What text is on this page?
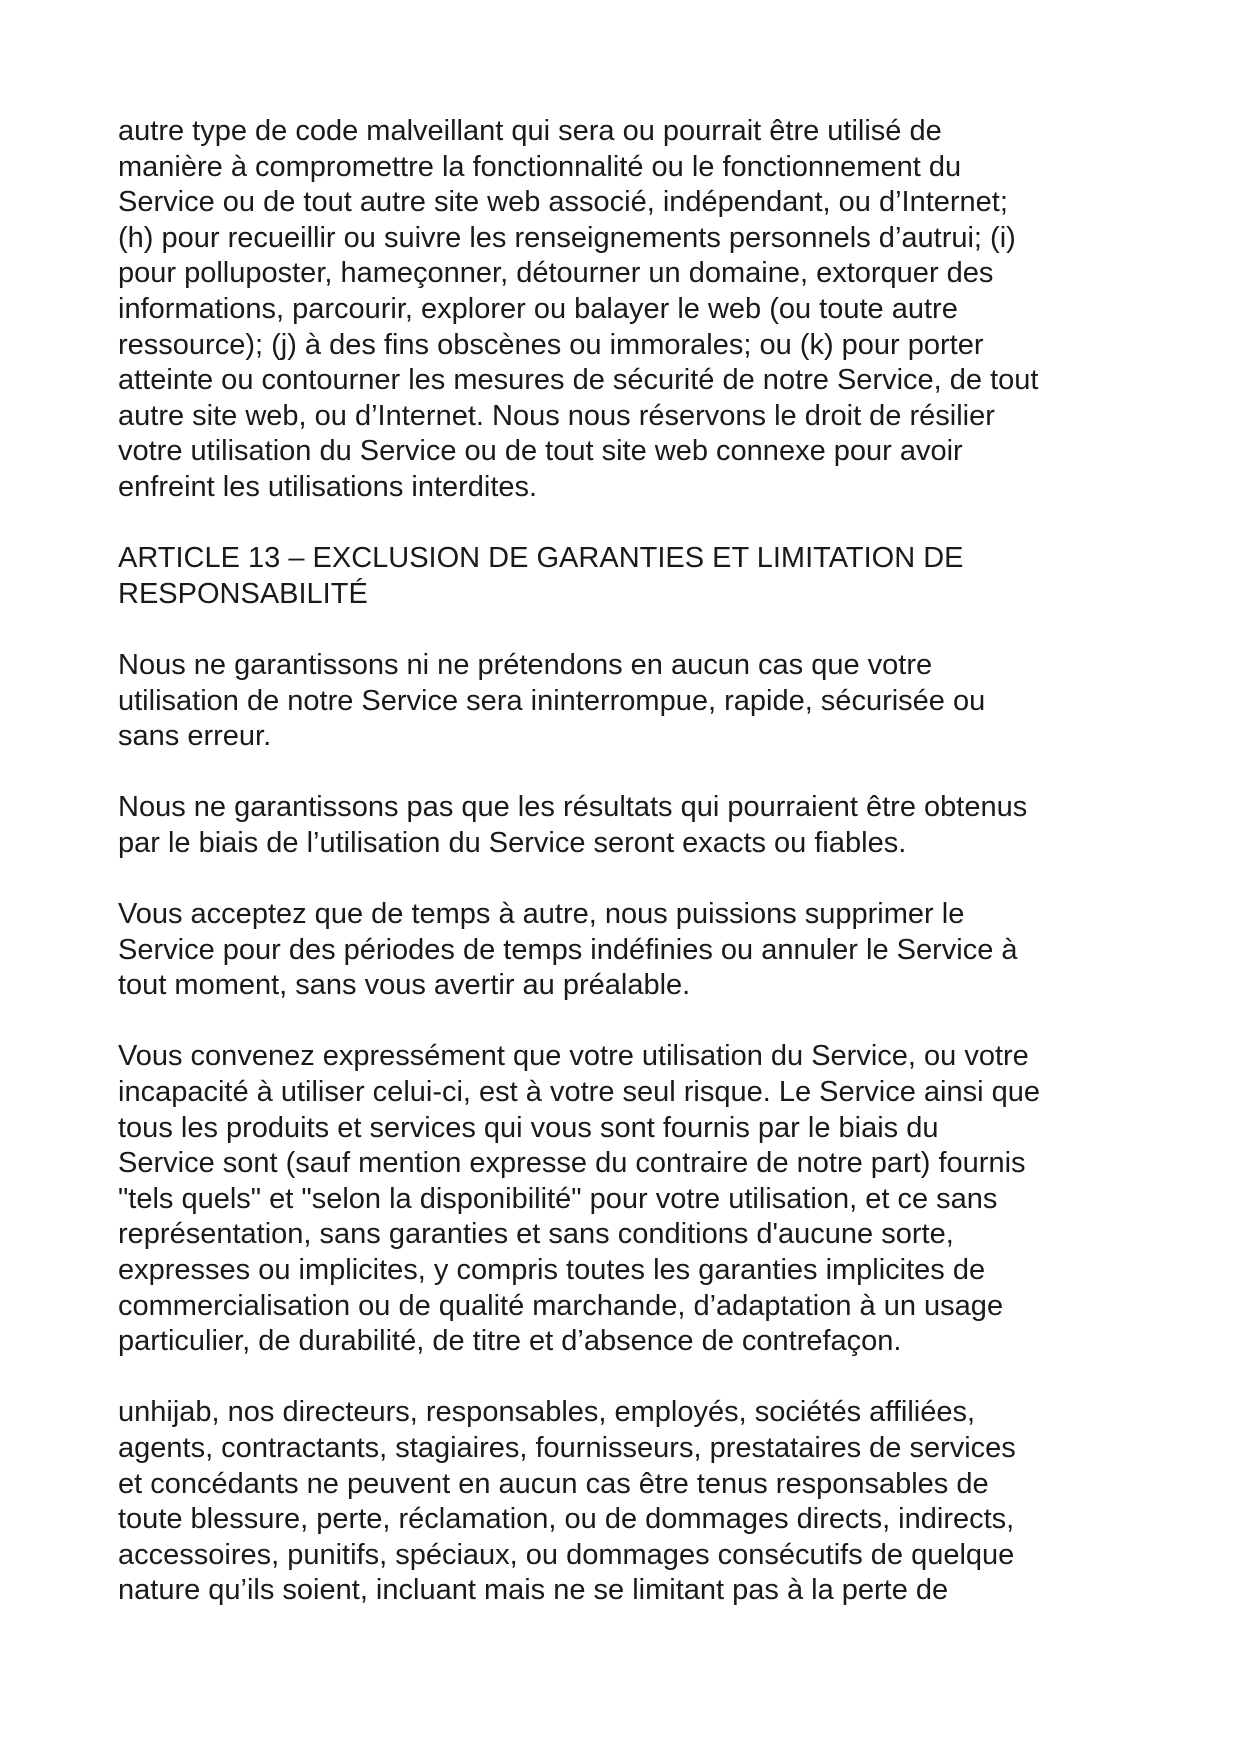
autre type de code malveillant qui sera ou pourrait être utilisé de
manière à compromettre la fonctionnalité ou le fonctionnement du
Service ou de tout autre site web associé, indépendant, ou d’Internet;
(h) pour recueillir ou suivre les renseignements personnels d’autrui; (i)
pour polluposter, hameçonner, détourner un domaine, extorquer des
informations, parcourir, explorer ou balayer le web (ou toute autre
ressource); (j) à des fins obscènes ou immorales; ou (k) pour porter
atteinte ou contourner les mesures de sécurité de notre Service, de tout
autre site web, ou d’Internet. Nous nous réservons le droit de résilier
votre utilisation du Service ou de tout site web connexe pour avoir
enfreint les utilisations interdites.

ARTICLE 13 – EXCLUSION DE GARANTIES ET LIMITATION DE
RESPONSABILITÉ

Nous ne garantissons ni ne prétendons en aucun cas que votre
utilisation de notre Service sera ininterrompue, rapide, sécurisée ou
sans erreur.

Nous ne garantissons pas que les résultats qui pourraient être obtenus
par le biais de l’utilisation du Service seront exacts ou fiables.

Vous acceptez que de temps à autre, nous puissions supprimer le
Service pour des périodes de temps indéfinies ou annuler le Service à
tout moment, sans vous avertir au préalable.

Vous convenez expressément que votre utilisation du Service, ou votre
incapacité à utiliser celui-ci, est à votre seul risque. Le Service ainsi que
tous les produits et services qui vous sont fournis par le biais du
Service sont (sauf mention expresse du contraire de notre part) fournis
"tels quels" et "selon la disponibilité" pour votre utilisation, et ce sans
représentation, sans garanties et sans conditions d'aucune sorte,
expresses ou implicites, y compris toutes les garanties implicites de
commercialisation ou de qualité marchande, d’adaptation à un usage
particulier, de durabilité, de titre et d’absence de contrefaçon.

unhijab, nos directeurs, responsables, employés, sociétés affiliées,
agents, contractants, stagiaires, fournisseurs, prestataires de services
et concédants ne peuvent en aucun cas être tenus responsables de
toute blessure, perte, réclamation, ou de dommages directs, indirects,
accessoires, punitifs, spéciaux, ou dommages consécutifs de quelque
nature qu’ils soient, incluant mais ne se limitant pas à la perte de
